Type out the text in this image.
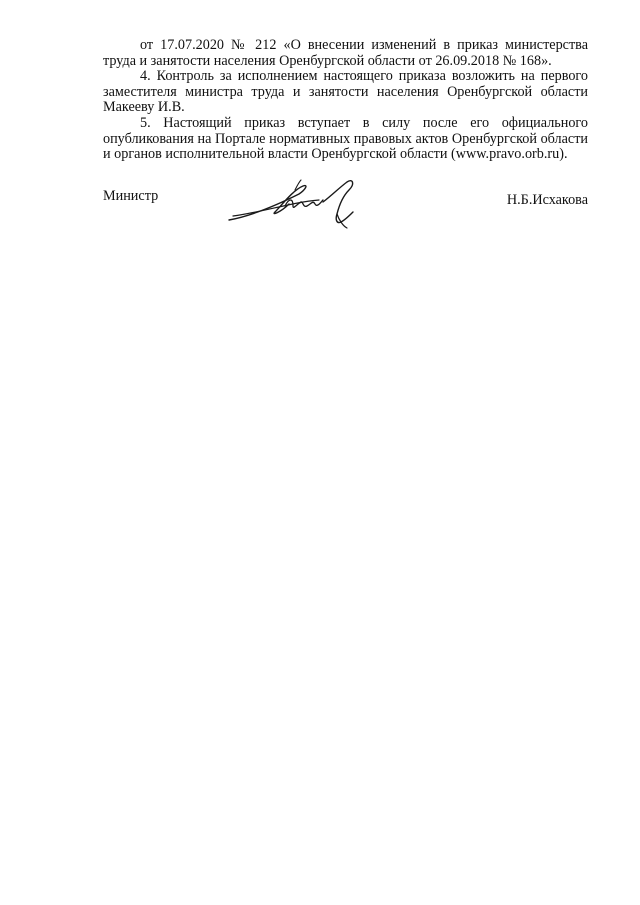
от 17.07.2020 № 212 «О внесении изменений в приказ министерства труда и занятости населения Оренбургской области от 26.09.2018 № 168».

4. Контроль за исполнением настоящего приказа возложить на первого заместителя министра труда и занятости населения Оренбургской области Макееву И.В.

5. Настоящий приказ вступает в силу после его официального опубликования на Портале нормативных правовых актов Оренбургской области и органов исполнительной власти Оренбургской области (www.pravo.orb.ru).

Министр	Н.Б.Исхакова
